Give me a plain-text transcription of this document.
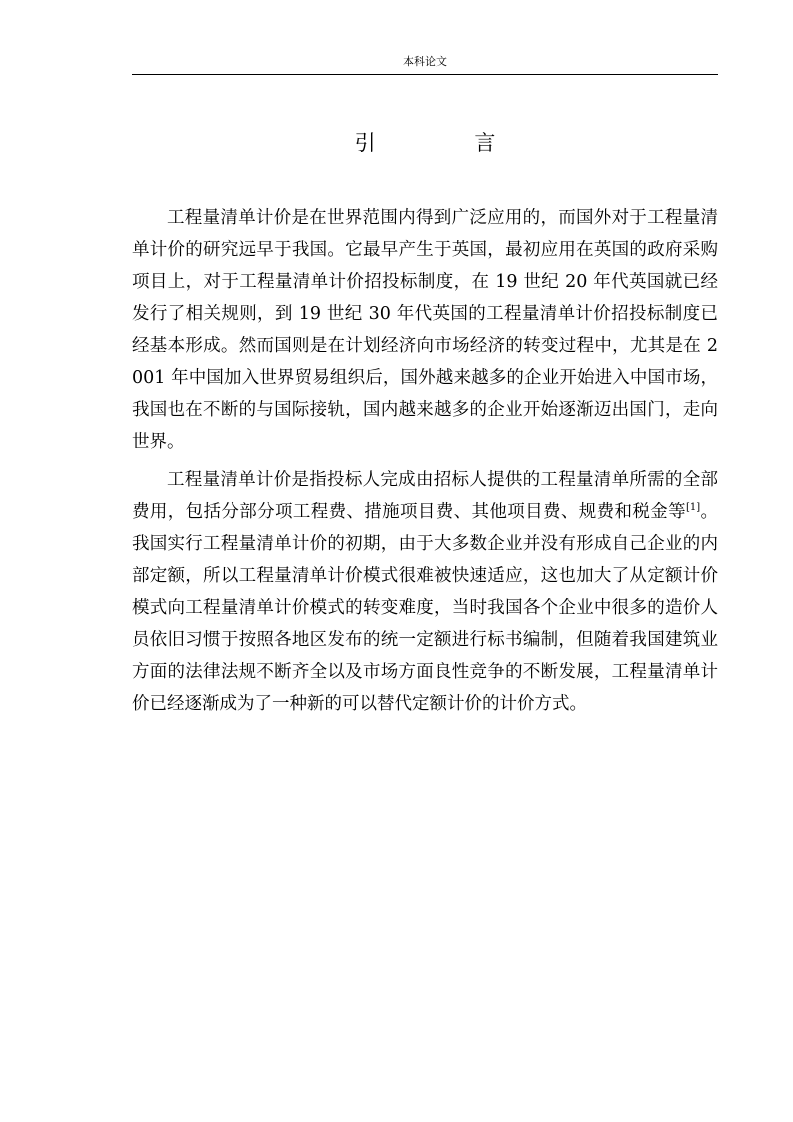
本科论文
引 言

工程量清单计价是在世界范围内得到广泛应用的，而国外对于工程量清单计价的研究远早于我国。它最早产生于英国，最初应用在英国的政府采购项目上，对于工程量清单计价招投标制度，在 19 世纪 20 年代英国就已经发行了相关规则，到 19 世纪 30 年代英国的工程量清单计价招投标制度已经基本形成。然而国则是在计划经济向市场经济的转变过程中，尤其是在 2001 年中国加入世界贸易组织后，国外越来越多的企业开始进入中国市场，我国也在不断的与国际接轨，国内越来越多的企业开始逐渐迈出国门，走向世界。

工程量清单计价是指投标人完成由招标人提供的工程量清单所需的全部费用，包括分部分项工程费、措施项目费、其他项目费、规费和税金等[1]。我国实行工程量清单计价的初期，由于大多数企业并没有形成自己企业的内部定额，所以工程量清单计价模式很难被快速适应，这也加大了从定额计价模式向工程量清单计价模式的转变难度，当时我国各个企业中很多的造价人员依旧习惯于按照各地区发布的统一定额进行标书编制，但随着我国建筑业方面的法律法规不断齐全以及市场方面良性竞争的不断发展，工程量清单计价已经逐渐成为了一种新的可以替代定额计价的计价方式。
